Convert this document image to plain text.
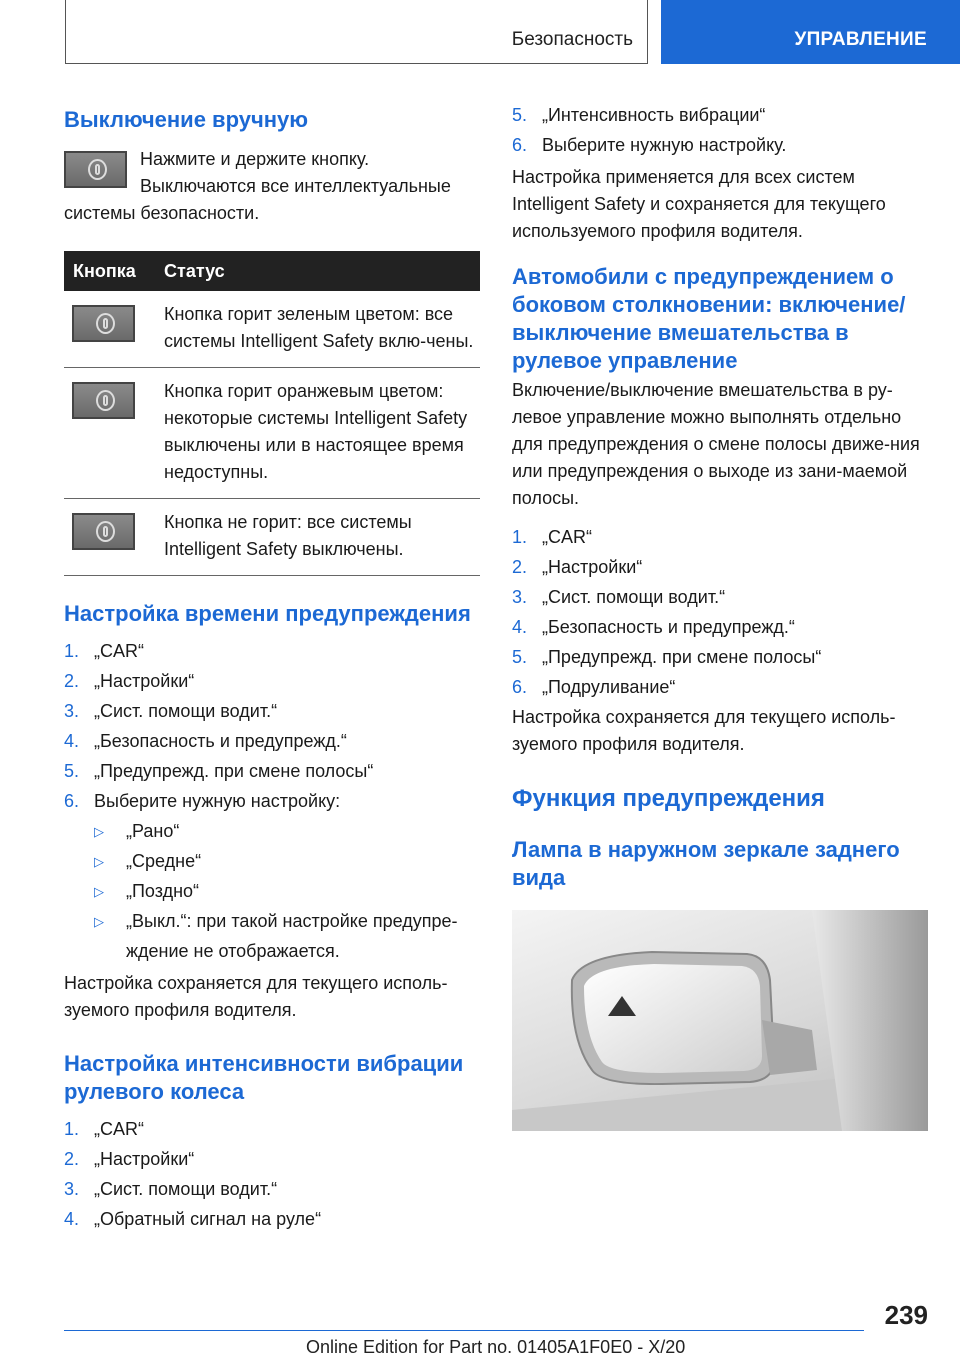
Безопасность	УПРАВЛЕНИЕ
Выключение вручную

Нажмите и держите кнопку.

Выключаются все интеллектуальные системы безопасности.

Кнопка	Статус

	Кнопка горит зеленым цветом: все системы Intelligent Safety вклю-чены.

	Кнопка горит оранжевым цветом: некоторые системы Intelligent Safety выключены или в настоящее время недоступны.

	Кнопка не горит: все системы Intelligent Safety выключены.
Настройка времени предупреждения
1. „CAR“
2. „Настройки“
3. „Сист. помощи водит.“
4. „Безопасность и предупрежд.“
5. „Предупрежд. при смене полосы“
6. Выберите нужную настройку:
▷ „Рано“
▷ „Средне“
▷ „Поздно“
▷ „Выкл.“: при такой настройке предупре-ждение не отображается.

Настройка сохраняется для текущего исполь-зуемого профиля водителя.

Настройка интенсивности вибрации рулевого колеса
1. „CAR“
2. „Настройки“
3. „Сист. помощи водит.“
4. „Обратный сигнал на руле“
5. „Интенсивность вибрации“
6. Выберите нужную настройку.

Настройка применяется для всех систем Intelligent Safety и сохраняется для текущего используемого профиля водителя.

Автомобили с предупреждением о боковом столкновении: включение/выключение вмешательства в рулевое управление

Включение/выключение вмешательства в ру-левое управление можно выполнять отдельно для предупреждения о смене полосы движе-ния или предупреждения о выходе из зани-маемой полосы.

1. „CAR“
2. „Настройки“
3. „Сист. помощи водит.“
4. „Безопасность и предупрежд.“
5. „Предупрежд. при смене полосы“
6. „Подруливание“

Настройка сохраняется для текущего исполь-зуемого профиля водителя.

Функция предупреждения
Лампа в наружном зеркале заднего вида
239
Online Edition for Part no. 01405A1F0E0 - X/20
